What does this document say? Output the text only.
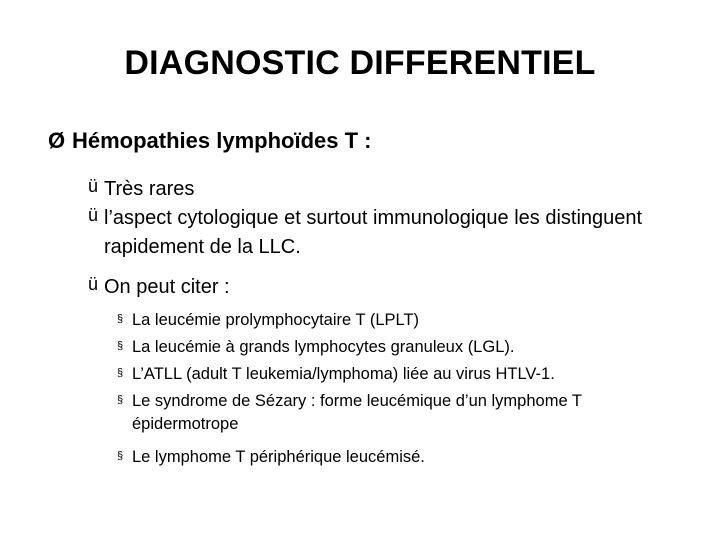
DIAGNOSTIC DIFFERENTIEL
Ø Hémopathies lymphoïdes T :
ü Très rares
ü l’aspect cytologique et surtout immunologique les distinguent rapidement de la LLC.
ü On peut citer :
§ La leucémie prolymphocytaire T (LPLT)
§ La leucémie à grands lymphocytes granuleux (LGL).
§ L’ATLL (adult T leukemia/lymphoma) liée au virus HTLV-1.
§ Le syndrome de Sézary : forme leucémique d’un lymphome T épidermotrope
§ Le lymphome T périphérique leucémisé.
